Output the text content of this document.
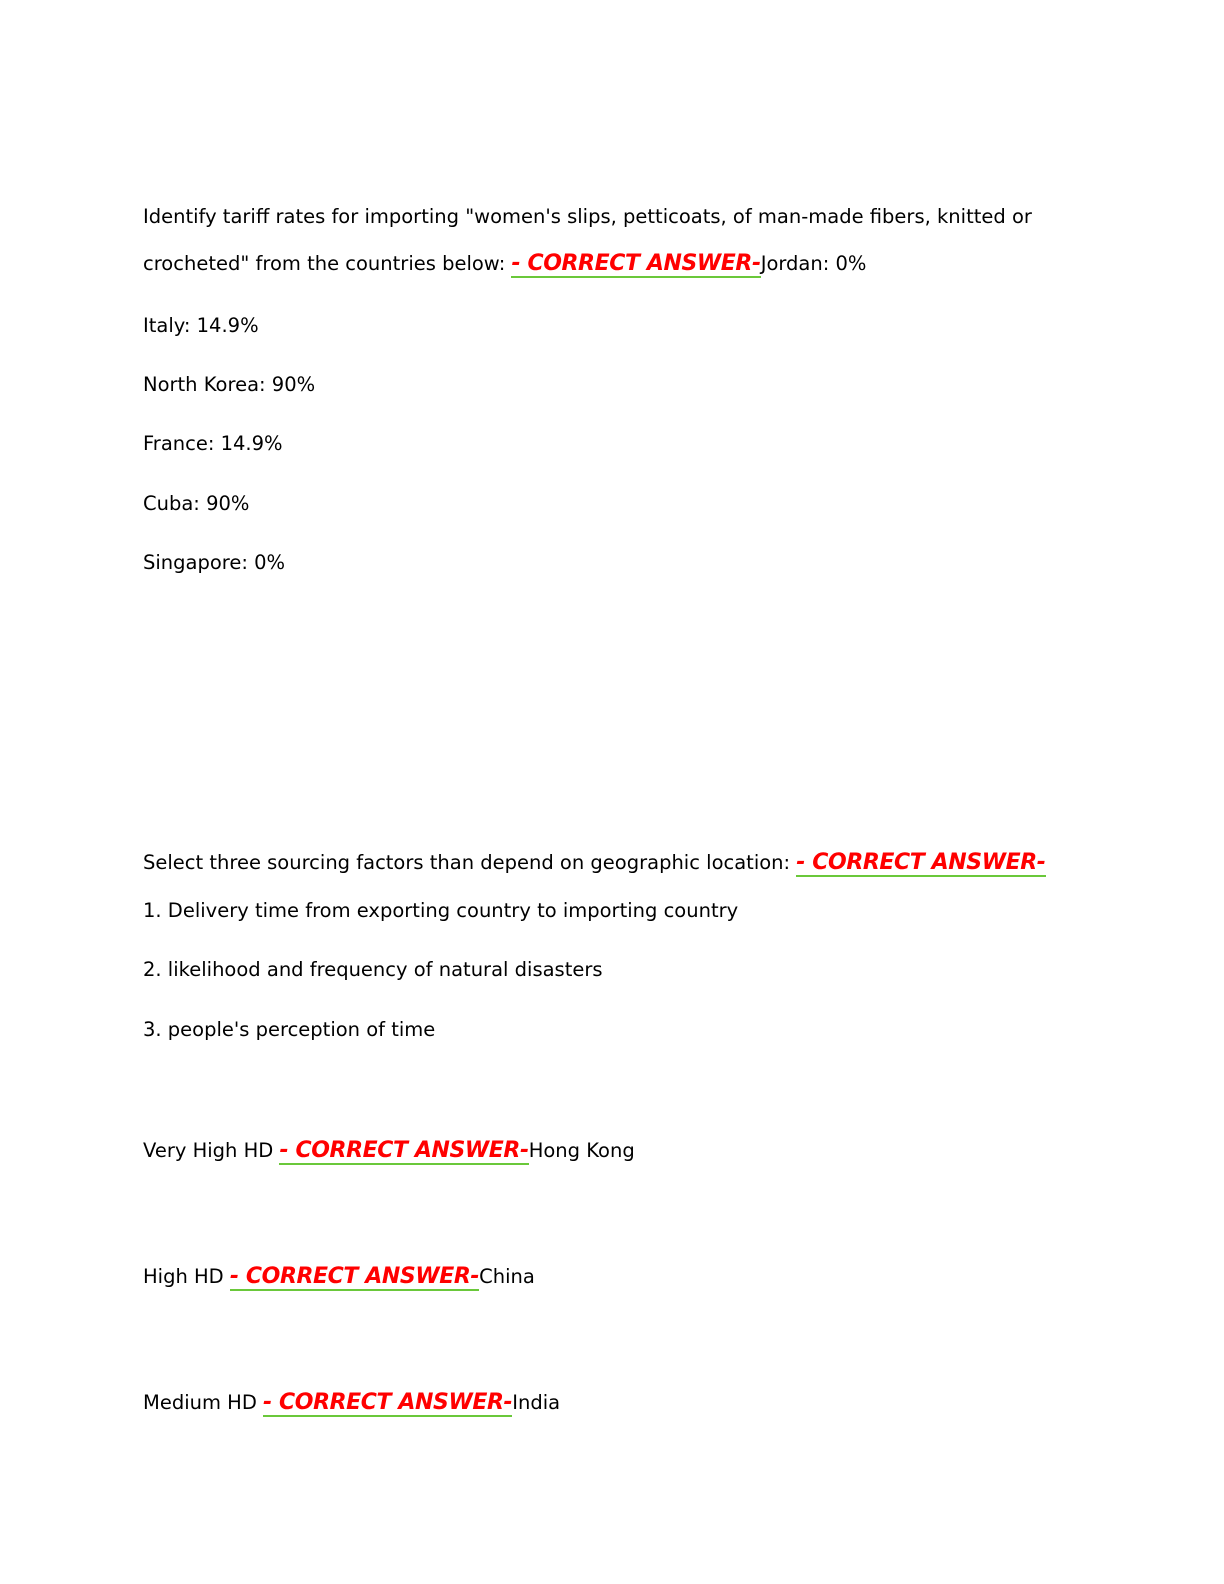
Identify tariff rates for importing "women's slips, petticoats, of man-made fibers, knitted or
crocheted" from the countries below: - CORRECT ANSWER-Jordan: 0%
Italy: 14.9%
North Korea: 90%
France: 14.9%
Cuba: 90%
Singapore: 0%
Select three sourcing factors than depend on geographic location: - CORRECT ANSWER-
1. Delivery time from exporting country to importing country
2. likelihood and frequency of natural disasters
3. people's perception of time
Very High HD - CORRECT ANSWER-Hong Kong
High HD - CORRECT ANSWER-China
Medium HD - CORRECT ANSWER-India
